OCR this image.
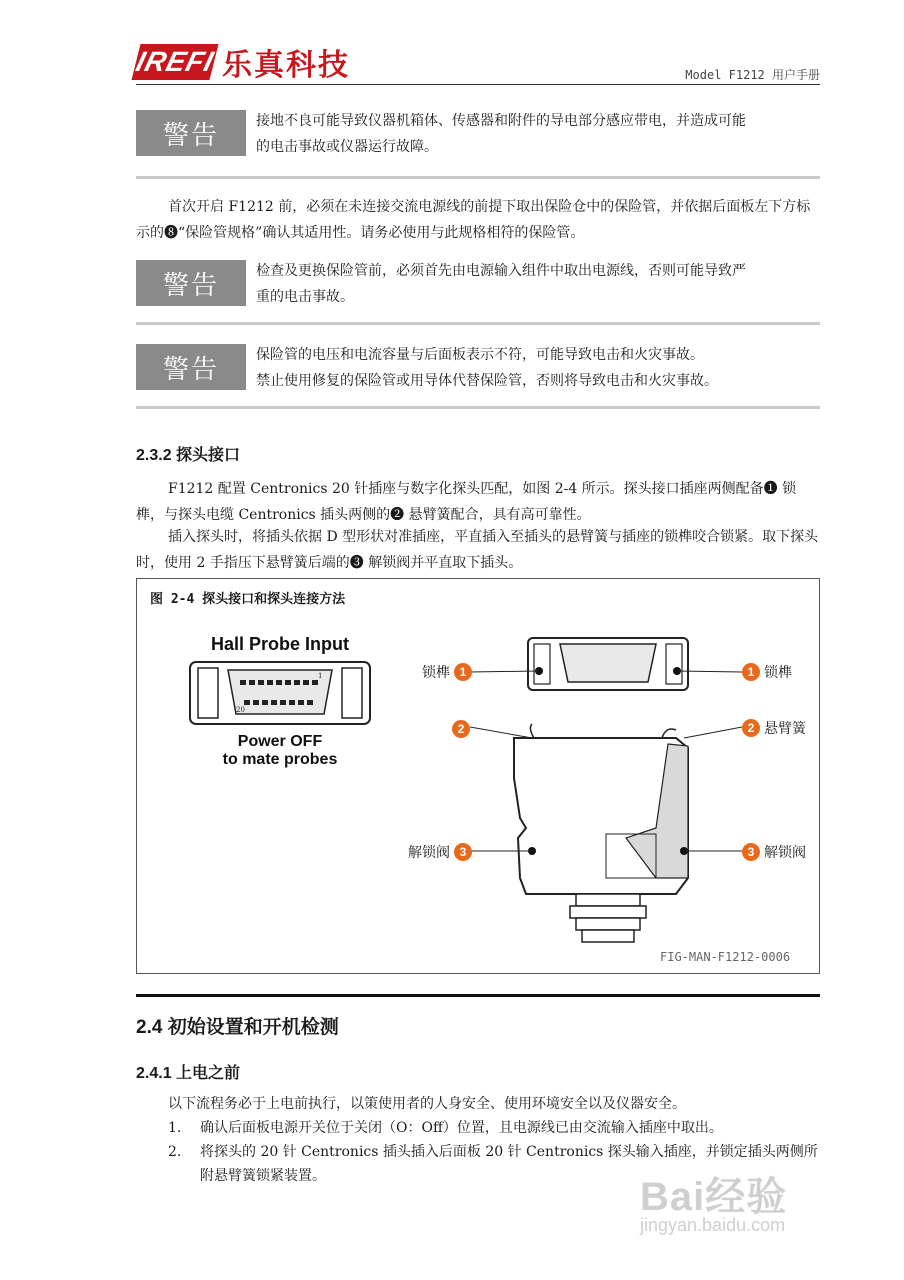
IREFI 乐真科技	Model F1212 用户手册
警告	接地不良可能导致仪器机箱体、传感器和附件的导电部分感应带电，并造成可能
的电击事故或仪器运行故障。
首次开启 F1212 前，必须在未连接交流电源线的前提下取出保险仓中的保险管，并依据后面板左下方标示的❽“保险管规格”确认其适用性。请务必使用与此规格相符的保险管。
警告	检查及更换保险管前，必须首先由电源输入组件中取出电源线，否则可能导致严
重的电击事故。
警告	保险管的电压和电流容量与后面板表示不符，可能导致电击和火灾事故。
禁止使用修复的保险管或用导体代替保险管，否则将导致电击和火灾事故。
2.3.2 探头接口
F1212 配置 Centronics 20 针插座与数字化探头匹配，如图 2-4 所示。探头接口插座两侧配备❶ 锁榫，与探头电缆 Centronics 插头两侧的❷ 悬臂簧配合，具有高可靠性。
插入探头时，将插头依据 D 型形状对准插座，平直插入至插头的悬臂簧与插座的锁榫咬合锁紧。取下探头时，使用 2 手指压下悬臂簧后端的❸ 解锁阀并平直取下插头。
图 2-4 探头接口和探头连接方法
Hall Probe Input
1
20
Power OFF
to mate probes
锁榫 1	1 锁榫
2	2 悬臂簧
解锁阀 3	3 解锁阀
FIG-MAN-F1212-0006
2.4 初始设置和开机检测
2.4.1 上电之前
以下流程务必于上电前执行，以策使用者的人身安全、使用环境安全以及仪器安全。
1. 确认后面板电源开关位于关闭（O：Off）位置，且电源线已由交流输入插座中取出。
2. 将探头的 20 针 Centronics 插头插入后面板 20 针 Centronics 探头输入插座，并锁定插头两侧所附悬臂簧锁紧装置。	Bai经验
jingyan.baidu.com
